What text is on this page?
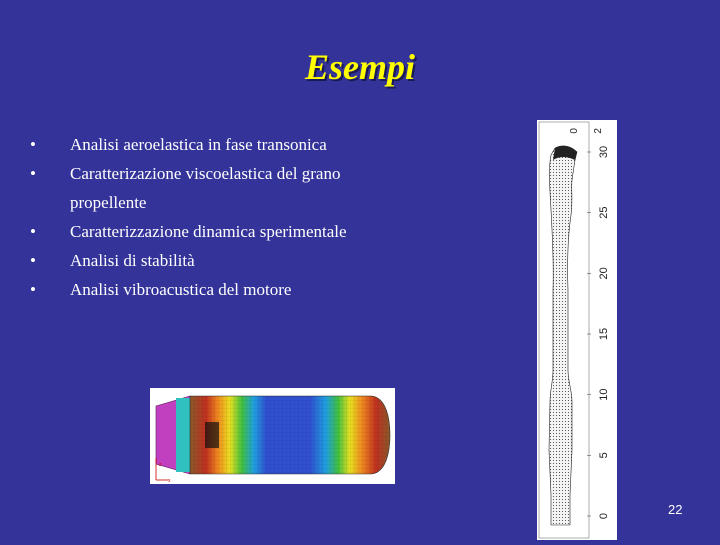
Esempi
• Analisi aeroelastica in fase transonica
• Caratterizazione viscoelastica del grano
propellente
• Caratterizzazione dinamica sperimentale
• Analisi di stabilità
• Analisi vibroacustica del motore
0
5
10
15
20
25
30
0 2
z
x
22
